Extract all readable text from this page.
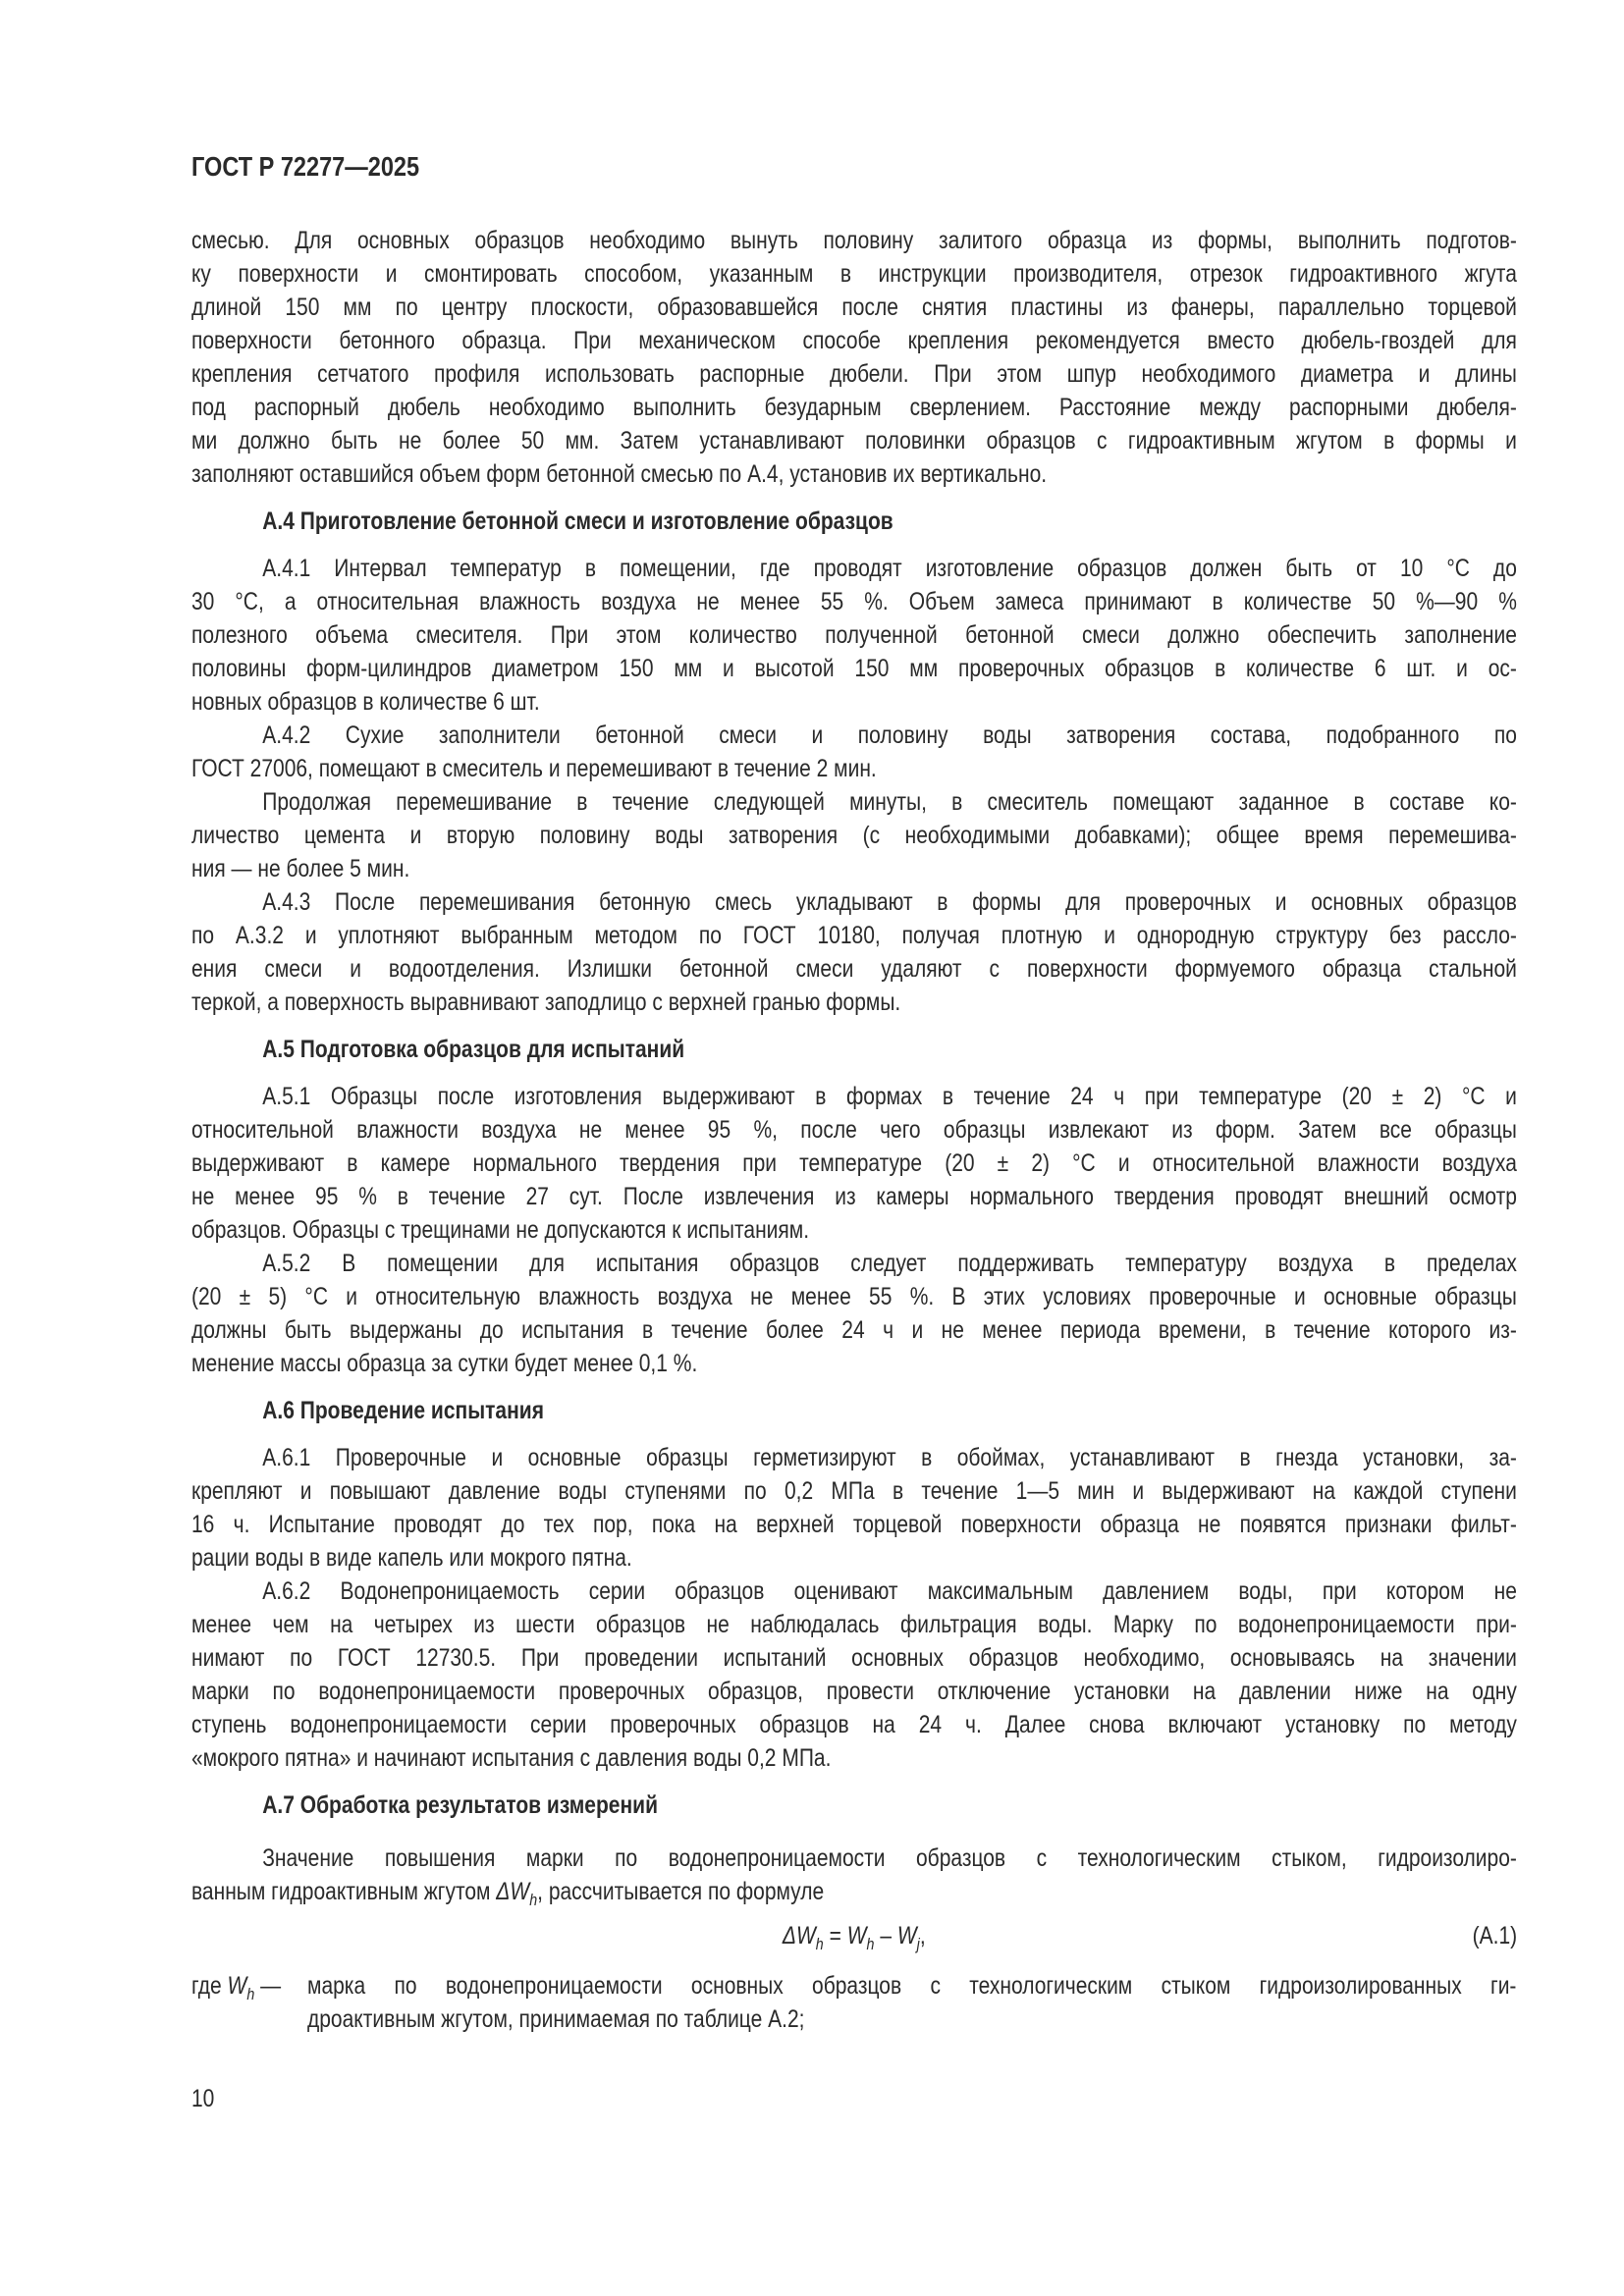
ГОСТ Р 72277—2025
смесью. Для основных образцов необходимо вынуть половину залитого образца из формы, выполнить подготов-
ку поверхности и смонтировать способом, указанным в инструкции производителя, отрезок гидроактивного жгута
длиной 150 мм по центру плоскости, образовавшейся после снятия пластины из фанеры, параллельно торцевой
поверхности бетонного образца. При механическом способе крепления рекомендуется вместо дюбель-гвоздей для
крепления сетчатого профиля использовать распорные дюбели. При этом шпур необходимого диаметра и длины
под распорный дюбель необходимо выполнить безударным сверлением. Расстояние между распорными дюбеля-
ми должно быть не более 50 мм. Затем устанавливают половинки образцов с гидроактивным жгутом в формы и
заполняют оставшийся объем форм бетонной смесью по А.4, установив их вертикально.
А.4 Приготовление бетонной смеси и изготовление образцов
А.4.1 Интервал температур в помещении, где проводят изготовление образцов должен быть от 10 °С до
30 °С, а относительная влажность воздуха не менее 55 %. Объем замеса принимают в количестве 50 %—90 %
полезного объема смесителя. При этом количество полученной бетонной смеси должно обеспечить заполнение
половины форм-цилиндров диаметром 150 мм и высотой 150 мм проверочных образцов в количестве 6 шт. и ос-
новных образцов в количестве 6 шт.
А.4.2 Сухие заполнители бетонной смеси и половину воды затворения состава, подобранного по
ГОСТ 27006, помещают в смеситель и перемешивают в течение 2 мин.
Продолжая перемешивание в течение следующей минуты, в смеситель помещают заданное в составе ко-
личество цемента и вторую половину воды затворения (с необходимыми добавками); общее время перемешива-
ния — не более 5 мин.
А.4.3 После перемешивания бетонную смесь укладывают в формы для проверочных и основных образцов
по А.3.2 и уплотняют выбранным методом по ГОСТ 10180, получая плотную и однородную структуру без рассло-
ения смеси и водоотделения. Излишки бетонной смеси удаляют с поверхности формуемого образца стальной
теркой, а поверхность выравнивают заподлицо с верхней гранью формы.
А.5 Подготовка образцов для испытаний
А.5.1 Образцы после изготовления выдерживают в формах в течение 24 ч при температуре (20 ± 2) °С и
относительной влажности воздуха не менее 95 %, после чего образцы извлекают из форм. Затем все образцы
выдерживают в камере нормального твердения при температуре (20 ± 2) °С и относительной влажности воздуха
не менее 95 % в течение 27 сут. После извлечения из камеры нормального твердения проводят внешний осмотр
образцов. Образцы с трещинами не допускаются к испытаниям.
А.5.2 В помещении для испытания образцов следует поддерживать температуру воздуха в пределах
(20 ± 5) °С и относительную влажность воздуха не менее 55 %. В этих условиях проверочные и основные образцы
должны быть выдержаны до испытания в течение более 24 ч и не менее периода времени, в течение которого из-
менение массы образца за сутки будет менее 0,1 %.
А.6 Проведение испытания
А.6.1 Проверочные и основные образцы герметизируют в обоймах, устанавливают в гнезда установки, за-
крепляют и повышают давление воды ступенями по 0,2 МПа в течение 1—5 мин и выдерживают на каждой ступени
16 ч. Испытание проводят до тех пор, пока на верхней торцевой поверхности образца не появятся признаки фильт-
рации воды в виде капель или мокрого пятна.
А.6.2 Водонепроницаемость серии образцов оценивают максимальным давлением воды, при котором не
менее чем на четырех из шести образцов не наблюдалась фильтрация воды. Марку по водонепроницаемости при-
нимают по ГОСТ 12730.5. При проведении испытаний основных образцов необходимо, основываясь на значении
марки по водонепроницаемости проверочных образцов, провести отключение установки на давлении ниже на одну
ступень водонепроницаемости серии проверочных образцов на 24 ч. Далее снова включают установку по методу
«мокрого пятна» и начинают испытания с давления воды 0,2 МПа.
А.7 Обработка результатов измерений
Значение повышения марки по водонепроницаемости образцов с технологическим стыком, гидроизолиро-
ванным гидроактивным жгутом $\Delta W_h$, рассчитывается по формуле
$\Delta W_h = W_h - W_j$,	(А.1)
где $W_h$ — марка по водонепроницаемости основных образцов с технологическим стыком гидроизолированных ги-
дроактивным жгутом, принимаемая по таблице А.2;
10
